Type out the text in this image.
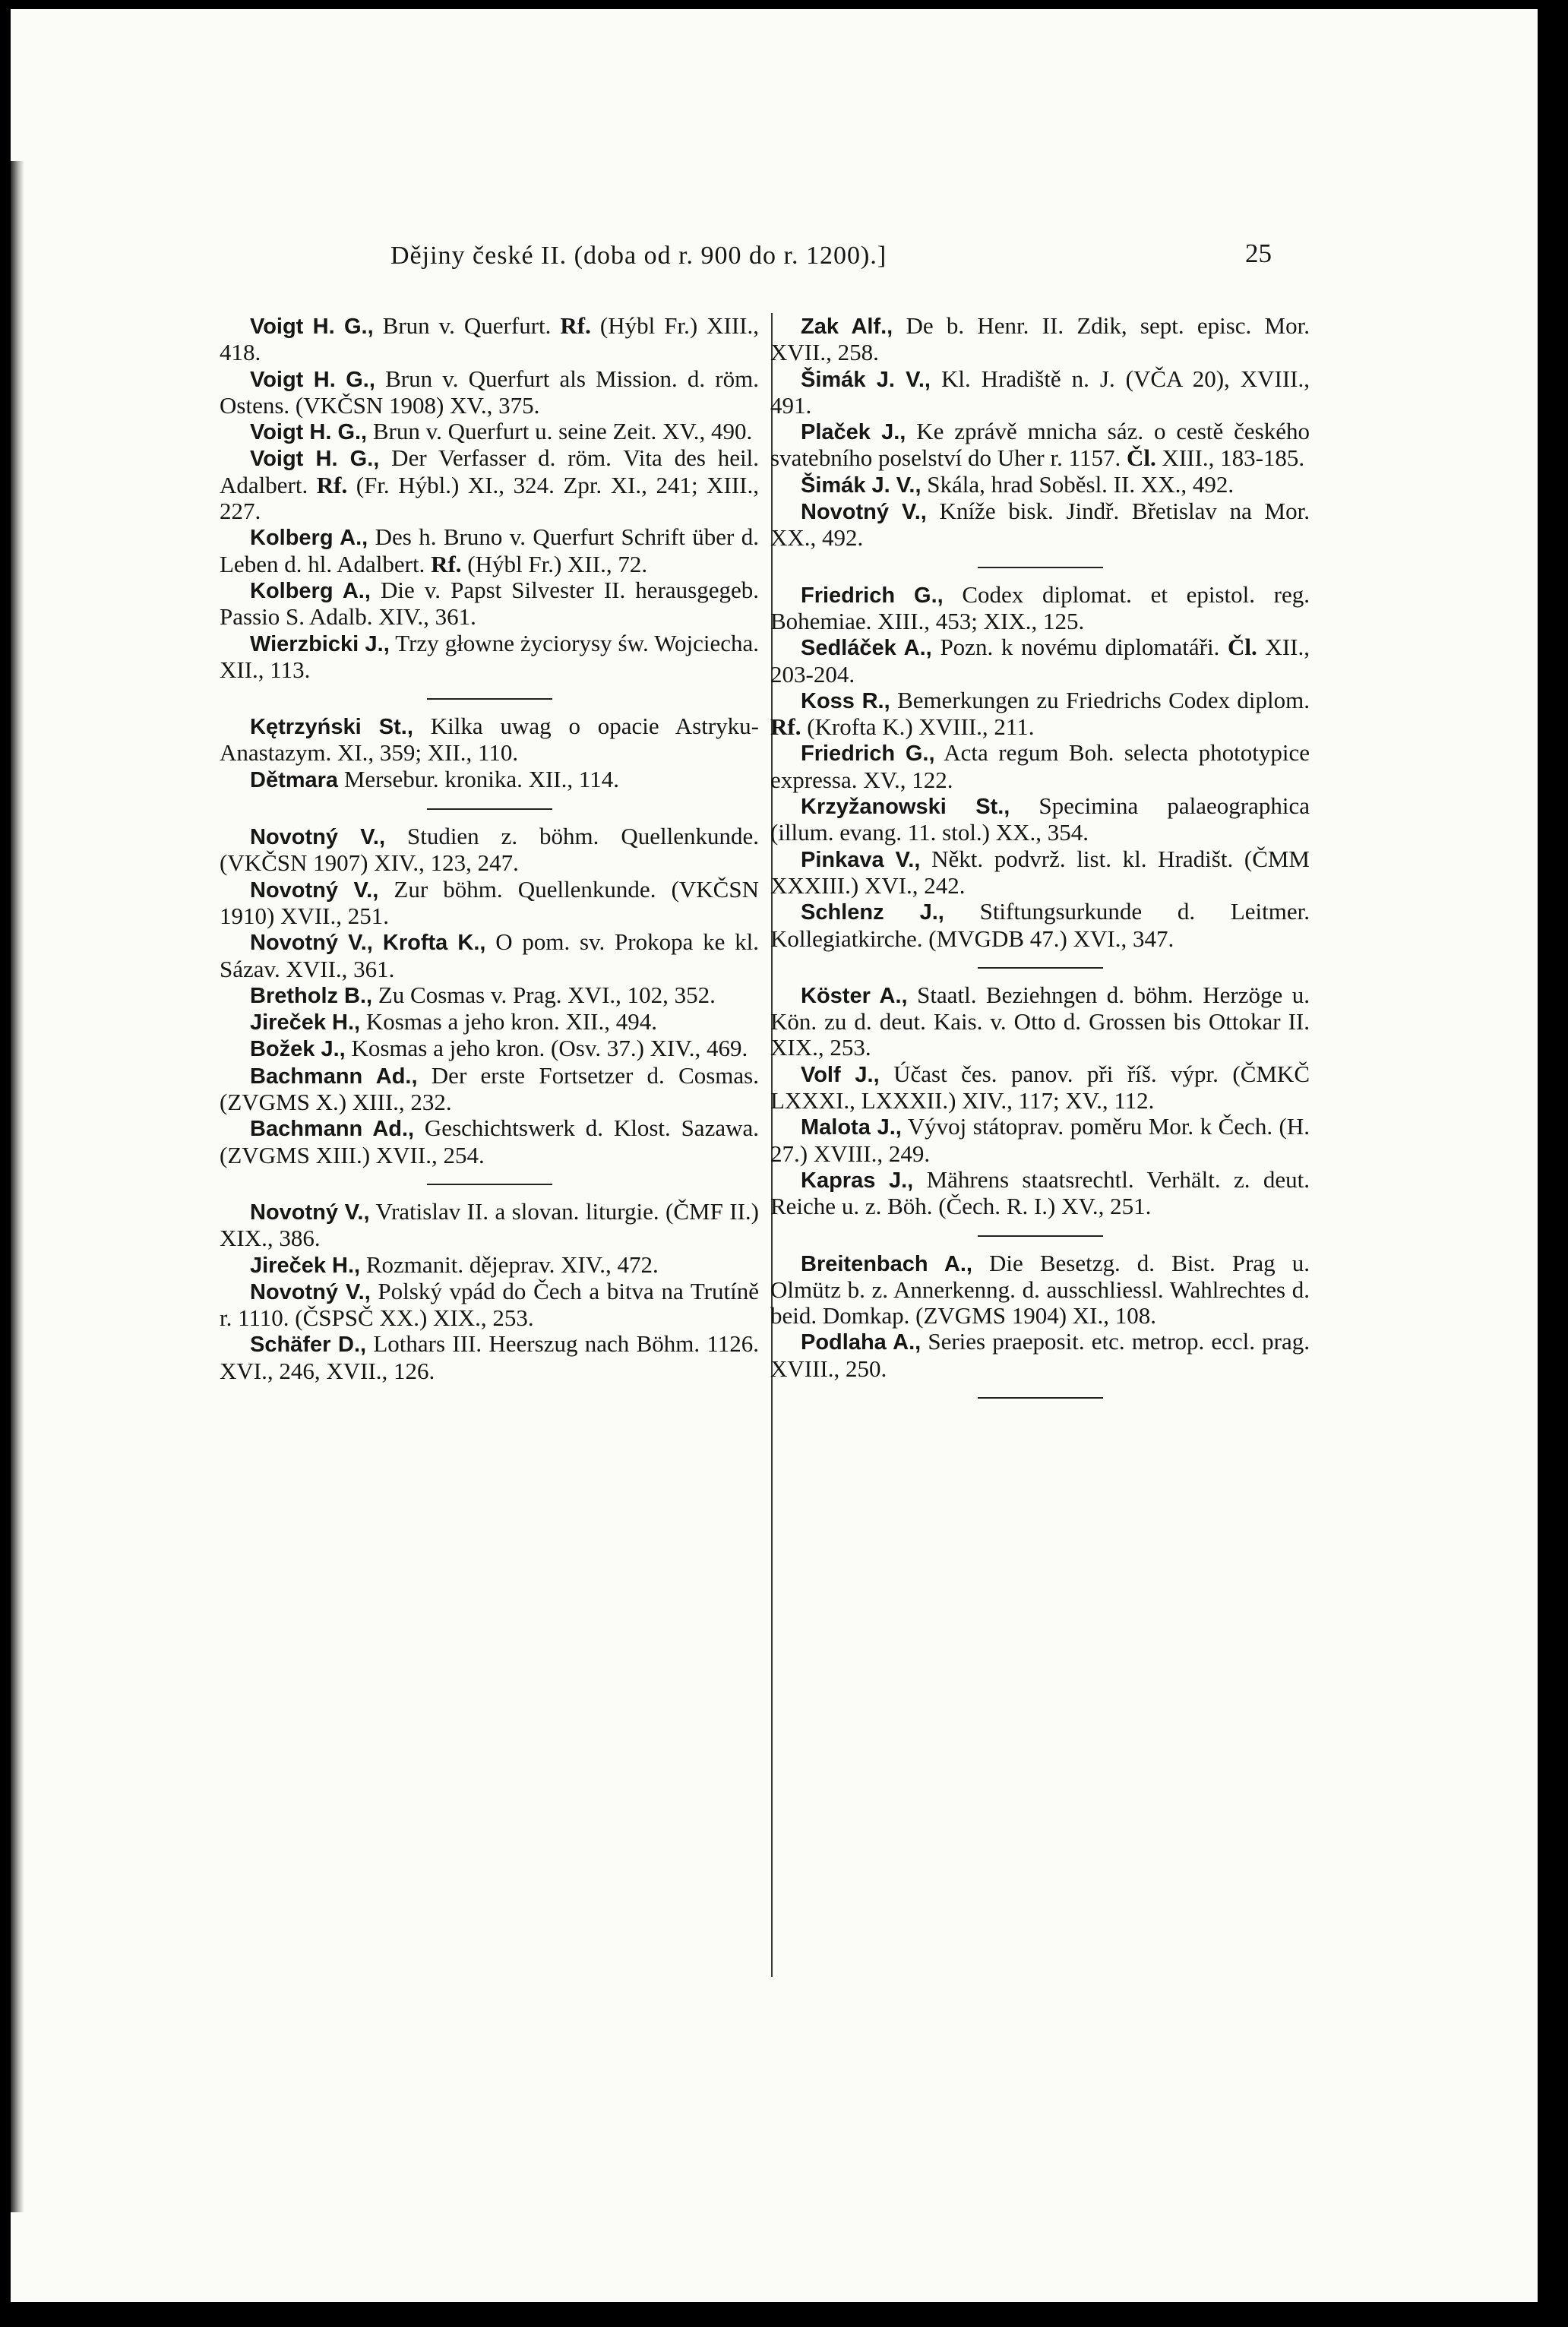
Dějiny české II. (doba od r. 900 do r. 1200).]	25

Voigt H. G., Brun v. Querfurt. Rf. (Hýbl Fr.) XIII., 418.

Voigt H. G., Brun v. Querfurt als Mission. d. röm. Ostens. (VKČSN 1908) XV., 375.

Voigt H. G., Brun v. Querfurt u. seine Zeit. XV., 490.

Voigt H. G., Der Verfasser d. röm. Vita des heil. Adalbert. Rf. (Fr. Hýbl.) XI., 324. Zpr. XI., 241; XIII., 227.

Kolberg A., Des h. Bruno v. Querfurt Schrift über d. Leben d. hl. Adalbert. Rf. (Hýbl Fr.) XII., 72.

Kolberg A., Die v. Papst Silvester II. herausgegeb. Passio S. Adalb. XIV., 361.

Wierzbicki J., Trzy głowne życiorysy św. Wojciecha. XII., 113.

Kętrzyński St., Kilka uwag o opacie Astryku-Anastazym. XI., 359; XII., 110.

Dětmara Mersebur. kronika. XII., 114.

Novotný V., Studien z. böhm. Quellenkunde. (VKČSN 1907) XIV., 123, 247.

Novotný V., Zur böhm. Quellenkunde. (VKČSN 1910) XVII., 251.

Novotný V., Krofta K., O pom. sv. Prokopa ke kl. Sázav. XVII., 361.

Bretholz B., Zu Cosmas v. Prag. XVI., 102, 352.

Jireček H., Kosmas a jeho kron. XII., 494.

Božek J., Kosmas a jeho kron. (Osv. 37.) XIV., 469.

Bachmann Ad., Der erste Fortsetzer d. Cosmas. (ZVGMS X.) XIII., 232.

Bachmann Ad., Geschichtswerk d. Klost. Sazawa. (ZVGMS XIII.) XVII., 254.

Novotný V., Vratislav II. a slovan. liturgie. (ČMF II.) XIX., 386.

Jireček H., Rozmanit. dějeprav. XIV., 472.

Novotný V., Polský vpád do Čech a bitva na Trutíně r. 1110. (ČSPSČ XX.) XIX., 253.

Schäfer D., Lothars III. Heerszug nach Böhm. 1126. XVI., 246, XVII., 126.

Zak Alf., De b. Henr. II. Zdik, sept. episc. Mor. XVII., 258.

Šimák J. V., Kl. Hradiště n. J. (VČA 20), XVIII., 491.

Plaček J., Ke zprávě mnicha sáz. o cestě českého svatebního poselství do Uher r. 1157. Čl. XIII., 183-185.

Šimák J. V., Skála, hrad Soběsl. II. XX., 492.

Novotný V., Kníže bisk. Jindř. Břetislav na Mor. XX., 492.

Friedrich G., Codex diplomat. et epistol. reg. Bohemiae. XIII., 453; XIX., 125.

Sedláček A., Pozn. k novému diplomatáři. Čl. XII., 203-204.

Koss R., Bemerkungen zu Friedrichs Codex diplom. Rf. (Krofta K.) XVIII., 211.

Friedrich G., Acta regum Boh. selecta phototypice expressa. XV., 122.

Krzyžanowski St., Specimina palaeographica (illum. evang. 11. stol.) XX., 354.

Pinkava V., Někt. podvrž. list. kl. Hradišt. (ČMM XXXIII.) XVI., 242.

Schlenz J., Stiftungsurkunde d. Leitmer. Kollegiatkirche. (MVGDB 47.) XVI., 347.

Köster A., Staatl. Beziehngen d. böhm. Herzöge u. Kön. zu d. deut. Kais. v. Otto d. Grossen bis Ottokar II. XIX., 253.

Volf J., Účast čes. panov. při říš. výpr. (ČMKČ LXXXI., LXXXII.) XIV., 117; XV., 112.

Malota J., Vývoj státoprav. poměru Mor. k Čech. (H. 27.) XVIII., 249.

Kapras J., Mährens staatsrechtl. Verhält. z. deut. Reiche u. z. Böh. (Čech. R. I.) XV., 251.

Breitenbach A., Die Besetzg. d. Bist. Prag u. Olmütz b. z. Annerkenng. d. ausschliessl. Wahlrechtes d. beid. Domkap. (ZVGMS 1904) XI., 108.

Podlaha A., Series praeposit. etc. metrop. eccl. prag. XVIII., 250.
